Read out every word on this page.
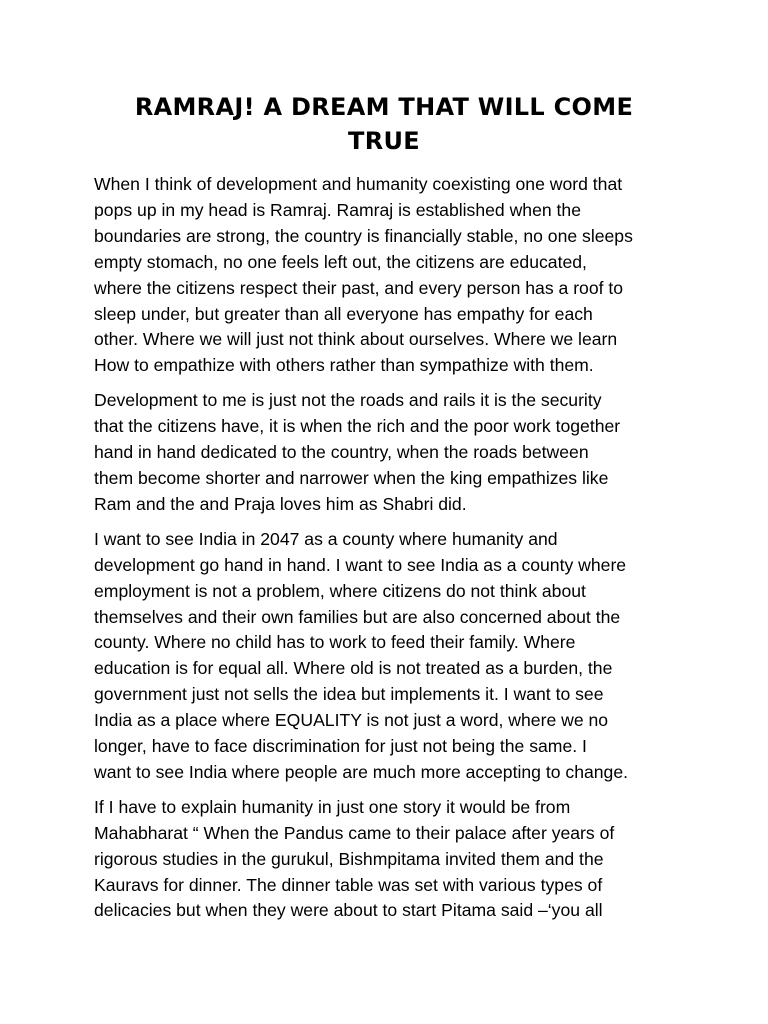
RAMRAJ! A DREAM THAT WILL COME
TRUE

When I think of development and humanity coexisting one word that
pops up in my head is Ramraj. Ramraj is established when the
boundaries are strong, the country is financially stable, no one sleeps
empty stomach, no one feels left out, the citizens are educated,
where the citizens respect their past, and every person has a roof to
sleep under, but greater than all everyone has empathy for each
other. Where we will just not think about ourselves. Where we learn
How to empathize with others rather than sympathize with them.

Development to me is just not the roads and rails it is the security
that the citizens have, it is when the rich and the poor work together
hand in hand dedicated to the country, when the roads between
them become shorter and narrower when the king empathizes like
Ram and the and Praja loves him as Shabri did.

I want to see India in 2047 as a county where humanity and
development go hand in hand. I want to see India as a county where
employment is not a problem, where citizens do not think about
themselves and their own families but are also concerned about the
county. Where no child has to work to feed their family. Where
education is for equal all. Where old is not treated as a burden, the
government just not sells the idea but implements it. I want to see
India as a place where EQUALITY is not just a word, where we no
longer, have to face discrimination for just not being the same. I
want to see India where people are much more accepting to change.

If I have to explain humanity in just one story it would be from
Mahabharat “ When the Pandus came to their palace after years of
rigorous studies in the gurukul, Bishmpitama invited them and the
Kauravs for dinner. The dinner table was set with various types of
delicacies but when they were about to start Pitama said –‘you all
